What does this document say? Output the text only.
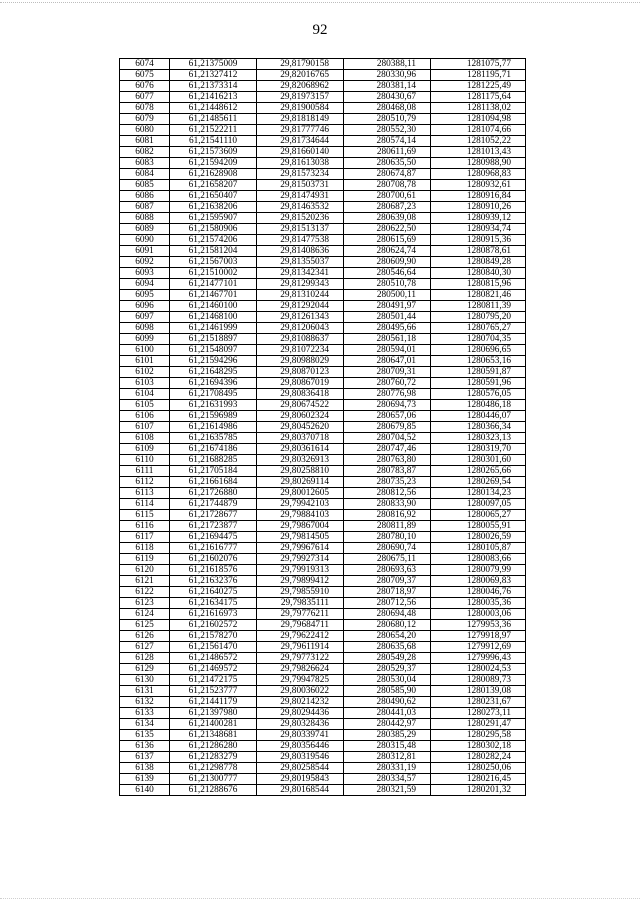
92
6074	61,21375009	29,81790158	280388,11	1281075,77
6075	61,21327412	29,82016765	280330,96	1281195,71
6076	61,21373314	29,82068962	280381,14	1281225,49
6077	61,21416213	29,81973157	280430,67	1281175,64
6078	61,21448612	29,81900584	280468,08	1281138,02
6079	61,21485611	29,81818149	280510,79	1281094,98
6080	61,21522211	29,81777746	280552,30	1281074,66
6081	61,21541110	29,81734644	280574,14	1281052,22
6082	61,21573609	29,81660140	280611,69	1281013,43
6083	61,21594209	29,81613038	280635,50	1280988,90
6084	61,21628908	29,81573234	280674,87	1280968,83
6085	61,21658207	29,81503731	280708,78	1280932,61
6086	61,21650407	29,81474931	280700,61	1280916,84
6087	61,21638206	29,81463532	280687,23	1280910,26
6088	61,21595907	29,81520236	280639,08	1280939,12
6089	61,21580906	29,81513137	280622,50	1280934,74
6090	61,21574206	29,81477538	280615,69	1280915,36
6091	61,21581204	29,81408636	280624,74	1280878,61
6092	61,21567003	29,81355037	280609,90	1280849,28
6093	61,21510002	29,81342341	280546,64	1280840,30
6094	61,21477101	29,81299343	280510,78	1280815,96
6095	61,21467701	29,81310244	280500,11	1280821,46
6096	61,21460100	29,81292044	280491,97	1280811,39
6097	61,21468100	29,81261343	280501,44	1280795,20
6098	61,21461999	29,81206043	280495,66	1280765,27
6099	61,21518897	29,81088637	280561,18	1280704,35
6100	61,21548097	29,81072234	280594,01	1280696,65
6101	61,21594296	29,80988029	280647,01	1280653,16
6102	61,21648295	29,80870123	280709,31	1280591,87
6103	61,21694396	29,80867019	280760,72	1280591,96
6104	61,21708495	29,80836418	280776,98	1280576,05
6105	61,21631993	29,80674522	280694,73	1280486,18
6106	61,21596989	29,80602324	280657,06	1280446,07
6107	61,21614986	29,80452620	280679,85	1280366,34
6108	61,21635785	29,80370718	280704,52	1280323,13
6109	61,21674186	29,80361614	280747,46	1280319,70
6110	61,21688285	29,80326913	280763,80	1280301,60
6111	61,21705184	29,80258810	280783,87	1280265,66
6112	61,21661684	29,80269114	280735,23	1280269,54
6113	61,21726880	29,80012605	280812,56	1280134,23
6114	61,21744879	29,79942103	280833,90	1280097,05
6115	61,21728677	29,79884103	280816,92	1280065,27
6116	61,21723877	29,79867004	280811,89	1280055,91
6117	61,21694475	29,79814505	280780,10	1280026,59
6118	61,21616777	29,79967614	280690,74	1280105,87
6119	61,21602076	29,79927314	280675,11	1280083,66
6120	61,21618576	29,79919313	280693,63	1280079,99
6121	61,21632376	29,79899412	280709,37	1280069,83
6122	61,21640275	29,79855910	280718,97	1280046,76
6123	61,21634175	29,79835111	280712,56	1280035,36
6124	61,21616973	29,79776211	280694,48	1280003,06
6125	61,21602572	29,79684711	280680,12	1279953,36
6126	61,21578270	29,79622412	280654,20	1279918,97
6127	61,21561470	29,79611914	280635,68	1279912,69
6128	61,21486572	29,79773122	280549,28	1279996,43
6129	61,21469572	29,79826624	280529,37	1280024,53
6130	61,21472175	29,79947825	280530,04	1280089,73
6131	61,21523777	29,80036022	280585,90	1280139,08
6132	61,21441179	29,80214232	280490,62	1280231,67
6133	61,21397980	29,80294436	280441,03	1280273,11
6134	61,21400281	29,80328436	280442,97	1280291,47
6135	61,21348681	29,80339741	280385,29	1280295,58
6136	61,21286280	29,80356446	280315,48	1280302,18
6137	61,21283279	29,80319546	280312,81	1280282,24
6138	61,21298778	29,80258544	280331,19	1280250,06
6139	61,21300777	29,80195843	280334,57	1280216,45
6140	61,21288676	29,80168544	280321,59	1280201,32
